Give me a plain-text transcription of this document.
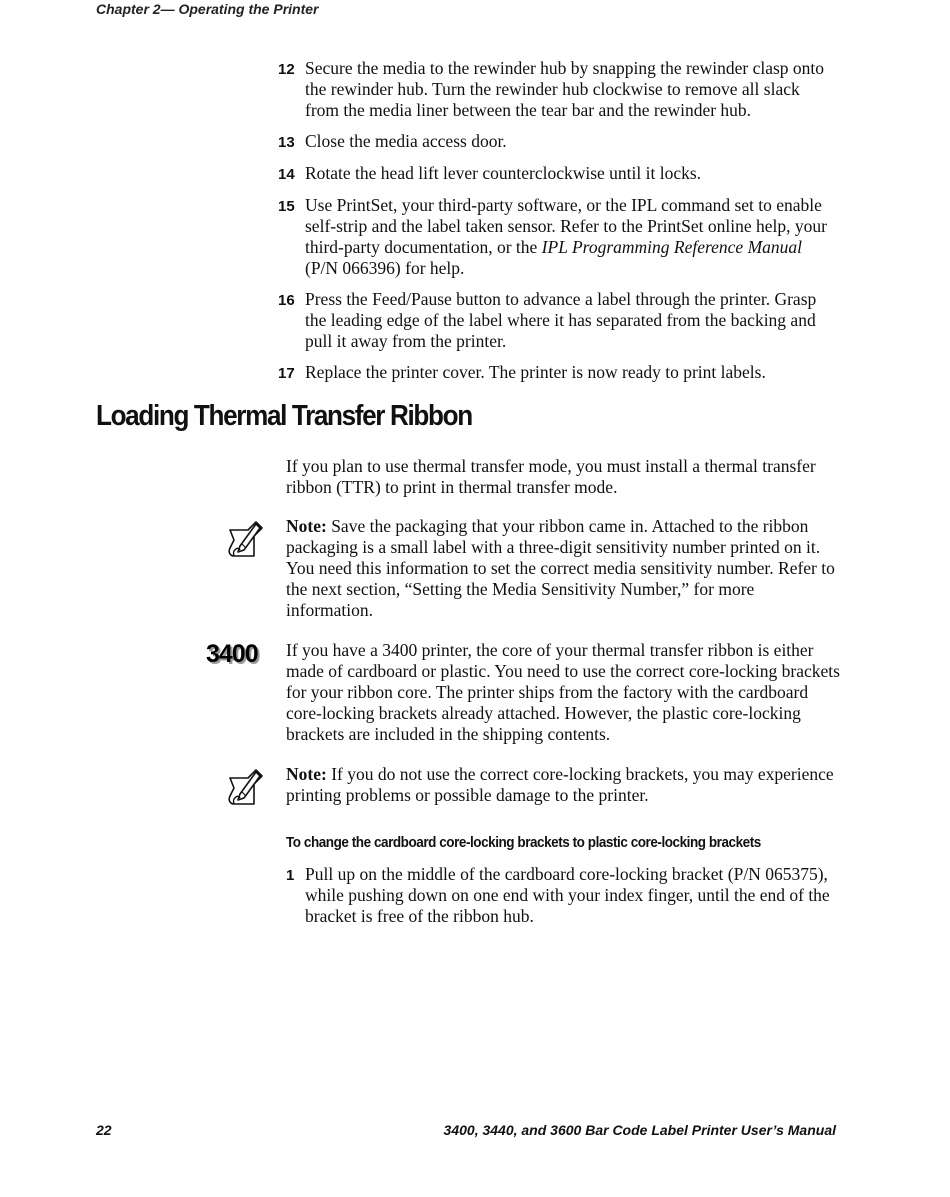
Chapter 2— Operating the Printer
12 Secure the media to the rewinder hub by snapping the rewinder clasp onto the rewinder hub. Turn the rewinder hub clockwise to remove all slack from the media liner between the tear bar and the rewinder hub.
13 Close the media access door.
14 Rotate the head lift lever counterclockwise until it locks.
15 Use PrintSet, your third-party software, or the IPL command set to enable self-strip and the label taken sensor. Refer to the PrintSet online help, your third-party documentation, or the IPL Programming Reference Manual (P/N 066396) for help.
16 Press the Feed/Pause button to advance a label through the printer. Grasp the leading edge of the label where it has separated from the backing and pull it away from the printer.
17 Replace the printer cover. The printer is now ready to print labels.
Loading Thermal Transfer Ribbon

If you plan to use thermal transfer mode, you must install a thermal transfer ribbon (TTR) to print in thermal transfer mode.

Note: Save the packaging that your ribbon came in. Attached to the ribbon packaging is a small label with a three-digit sensitivity number printed on it. You need this information to set the correct media sensitivity number. Refer to the next section, “Setting the Media Sensitivity Number,” for more information.

3400 If you have a 3400 printer, the core of your thermal transfer ribbon is either made of cardboard or plastic. You need to use the correct core-locking brackets for your ribbon core. The printer ships from the factory with the cardboard core-locking brackets already attached. However, the plastic core-locking brackets are included in the shipping contents.

Note: If you do not use the correct core-locking brackets, you may experience printing problems or possible damage to the printer.

To change the cardboard core-locking brackets to plastic core-locking brackets
1 Pull up on the middle of the cardboard core-locking bracket (P/N 065375), while pushing down on one end with your index finger, until the end of the bracket is free of the ribbon hub.
22	3400, 3440, and 3600 Bar Code Label Printer User’s Manual
